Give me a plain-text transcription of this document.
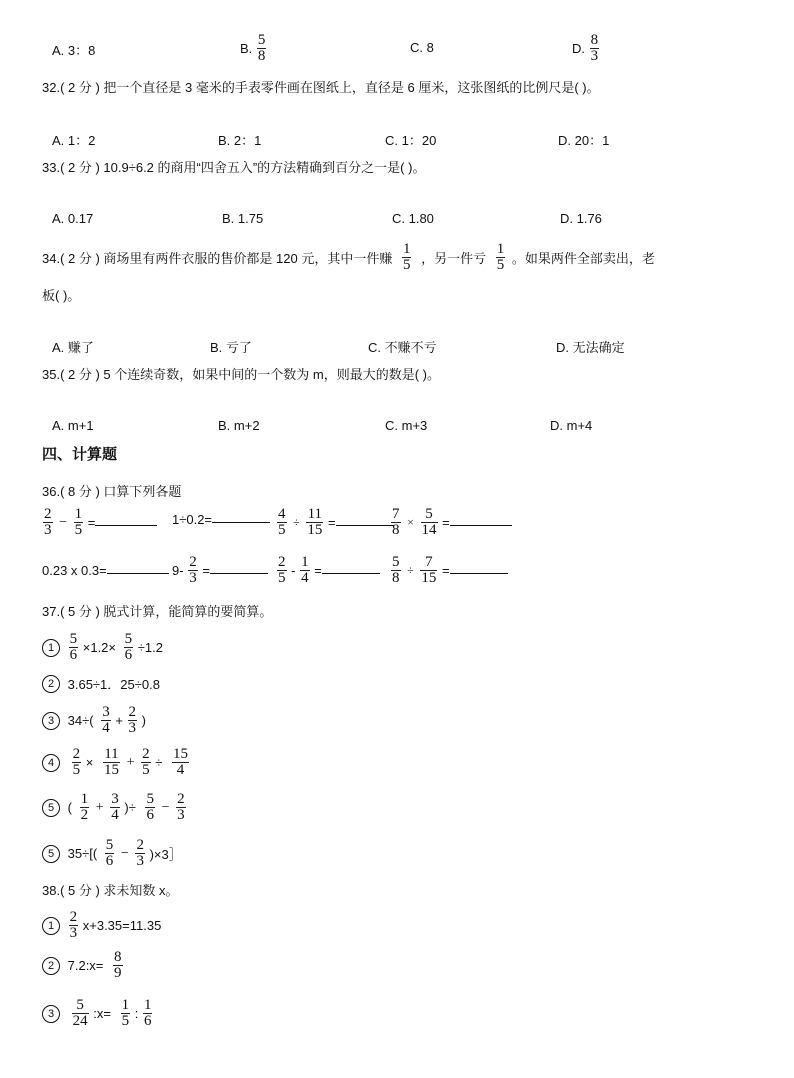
A. 3：8	B. $\frac{5}{8}$	C. 8	D. $\frac{8}{3}$
32.( 2 分 ) 把一个直径是 3 毫米的手表零件画在图纸上，直径是 6 厘米，这张图纸的比例尺是( )。
A. 1：2	B. 2：1	C. 1：20	D. 20：1
33.( 2 分 ) 10.9÷6.2 的商用“四舍五入”的方法精确到百分之一是( )。
A. 0.17	B. 1.75	C. 1.80	D. 1.76
34.( 2 分 ) 商场里有两件衣服的售价都是 120 元，其中一件赚 $\frac{1}{5}$ ，另一件亏 $\frac{1}{5}$ 。如果两件全部卖出，老
板( )。
A. 赚了	B. 亏了	C. 不赚不亏	D. 无法确定
35.( 2 分 ) 5 个连续奇数，如果中间的一个数为 m，则最大的数是( )。
A. m+1	B. m+2	C. m+3	D. m+4
四、计算题
36.( 8 分 ) 口算下列各题
$\frac{2}{3} - \frac{1}{5}$ =	1÷0.2=	$\frac{4}{5} \div \frac{11}{15}$ =	$\frac{7}{8} \times \frac{5}{14}$ =
0.23 x 0.3=	$9- \frac{2}{3}$ =	$\frac{2}{5} - \frac{1}{4}$ =	$\frac{5}{8} \div \frac{7}{15}$ =
37.( 5 分 ) 脱式计算，能简算的要简算。
$1 \frac{5}{6} \times 1.2\times \frac{5}{6} \div 1.2$
2 3.65÷1．25÷0.8
3 $34\div( \frac{3}{4} + \frac{2}{3}$ )
$4 \frac{2}{5} \times \frac{11}{15} + \frac{2}{5} \div \frac{15}{4}$
5 ( $\frac{1}{2} + \frac{3}{4}$ )÷ $\frac{5}{6} - \frac{2}{3}$
5 $35\div[( \frac{5}{6} - \frac{2}{3}$ )×3］
38.( 5 分 ) 求未知数 x。
$1 \frac{2}{3} x+3.35=11.35$
2 7.2:x= $\frac{8}{9}$
$3 \frac{5}{24}$ :x= $\frac{1}{5}$ : $\frac{1}{6}$
